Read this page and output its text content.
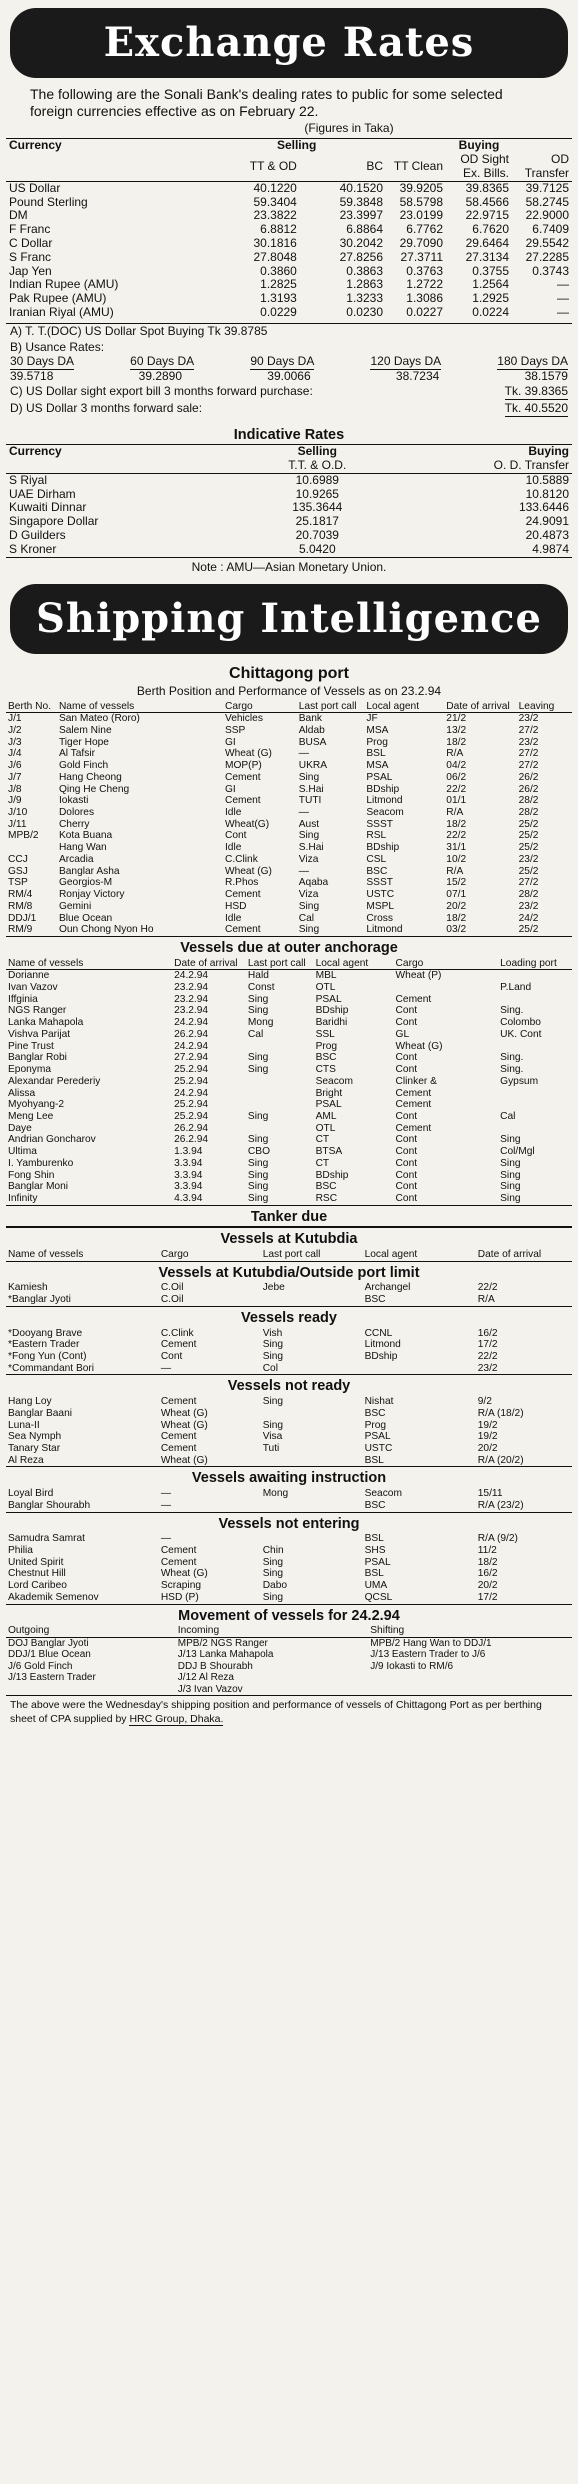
Exchange Rates

The following are the Sonali Bank's dealing rates to public for some selected foreign currencies effective as on February 22.

(Figures in Taka)
Currency	Selling		Buying		
	TT & OD	BC	TT Clean	OD Sight Ex. Bills.	OD Transfer
US Dollar	40.1220	40.1520	39.9205	39.8365	39.7125
Pound Sterling	59.3404	59.3848	58.5798	58.4566	58.2745
DM	23.3822	23.3997	23.0199	22.9715	22.9000
F Franc	6.8812	6.8864	6.7762	6.7620	6.7409
C Dollar	30.1816	30.2042	29.7090	29.6464	29.5542
S Franc	27.8048	27.8256	27.3711	27.3134	27.2285
Jap Yen	0.3860	0.3863	0.3763	0.3755	0.3743
Indian Rupee (AMU)	1.2825	1.2863	1.2722	1.2564	—
Pak Rupee (AMU)	1.3193	1.3233	1.3086	1.2925	—
Iranian Riyal (AMU)	0.0229	0.0230	0.0227	0.0224	—
A) T. T.(DOC) US Dollar Spot Buying Tk 39.8785
B) Usance Rates:
30 Days DA	60 Days DA	90 Days DA	120 Days DA	180 Days DA
39.5718	39.2890	39.0066	38.7234	38.1579
C) US Dollar sight export bill 3 months forward purchase:	Tk. 39.8365
D) US Dollar 3 months forward sale:	Tk. 40.5520
Indicative Rates
Currency	Selling	Buying
	T.T. & O.D.	O. D. Transfer
S Riyal	10.6989	10.5889
UAE Dirham	10.9265	10.8120
Kuwaiti Dinnar	135.3644	133.6446
Singapore Dollar	25.1817	24.9091
D Guilders	20.7039	20.4873
S Kroner	5.0420	4.9874
Note : AMU—Asian Monetary Union.
Shipping Intelligence
Chittagong port
Berth Position and Performance of Vessels as on 23.2.94
Berth No.	Name of vessels	Cargo	Last port call	Local agent	Date of arrival	Leaving
J/1	San Mateo (Roro)	Vehicles	Bank	JF	21/2	23/2
J/2	Salem Nine	SSP	Aldab	MSA	13/2	27/2
J/3	Tiger Hope	GI	BUSA	Prog	18/2	23/2
J/4	Al Tafsir	Wheat (G)	—	BSL	R/A	27/2
J/6	Gold Finch	MOP(P)	UKRA	MSA	04/2	27/2
J/7	Hang Cheong	Cement	Sing	PSAL	06/2	26/2
J/8	Qing He Cheng	GI	S.Hai	BDship	22/2	26/2
J/9	Iokasti	Cement	TUTI	Litmond	01/1	28/2
J/10	Dolores	Idle	—	Seacom	R/A	28/2
J/11	Cherry	Wheat(G)	Aust	SSST	18/2	25/2
MPB/2	Kota Buana	Cont	Sing	RSL	22/2	25/2
	Hang Wan	Idle	S.Hai	BDship	31/1	25/2
CCJ	Arcadia	C.Clink	Viza	CSL	10/2	23/2
GSJ	Banglar Asha	Wheat (G)	—	BSC	R/A	25/2
TSP	Georgios-M	R.Phos	Aqaba	SSST	15/2	27/2
RM/4	Ronjay Victory	Cement	Viza	USTC	07/1	28/2
RM/8	Gemini	HSD	Sing	MSPL	20/2	23/2
DDJ/1	Blue Ocean	Idle	Cal	Cross	18/2	24/2
RM/9	Oun Chong Nyon Ho	Cement	Sing	Litmond	03/2	25/2
Vessels due at outer anchorage
Name of vessels	Date of arrival	Last port call	Local agent	Cargo	Loading port
Dorianne	24.2.94	Hald	MBL	Wheat (P)	
Ivan Vazov	23.2.94	Const	OTL		P.Land
Iffginia	23.2.94	Sing	PSAL	Cement	
NGS Ranger	23.2.94	Sing	BDship	Cont	Sing.
Lanka Mahapola	24.2.94	Mong	Baridhi	Cont	Colombo
Vishva Parijat	26.2.94	Cal	SSL	GL	UK. Cont
Pine Trust	24.2.94		Prog	Wheat (G)	
Banglar Robi	27.2.94	Sing	BSC	Cont	Sing.
Eponyma	25.2.94	Sing	CTS	Cont	Sing.
Alexandar Perederiy	25.2.94		Seacom	Clinker &	Gypsum
Alissa	24.2.94		Bright	Cement	
Myohyang-2	25.2.94		PSAL	Cement	
Meng Lee	25.2.94	Sing	AML	Cont	Cal
Daye	26.2.94		OTL	Cement	
Andrian Goncharov	26.2.94	Sing	CT	Cont	Sing
Ultima	1.3.94	CBO	BTSA	Cont	Col/Mgl
I. Yamburenko	3.3.94	Sing	CT	Cont	Sing
Fong Shin	3.3.94	Sing	BDship	Cont	Sing
Banglar Moni	3.3.94	Sing	BSC	Cont	Sing
Infinity	4.3.94	Sing	RSC	Cont	Sing
Tanker due

Vessels at Kutubdia
Name of vessels	Cargo	Last port call	Local agent	Date of arrival
Vessels at Kutubdia/Outside port limit
Kamiesh	C.Oil	Jebe	Archangel	22/2
*Banglar Jyoti	C.Oil		BSC	R/A
Vessels ready
*Dooyang Brave	C.Clink	Vish	CCNL	16/2
*Eastern Trader	Cement	Sing	Litmond	17/2
*Fong Yun (Cont)	Cont	Sing	BDship	22/2
*Commandant Bori	—	Col		23/2
Vessels not ready
Hang Loy	Cement	Sing	Nishat	9/2
Banglar Baani	Wheat (G)		BSC	R/A (18/2)
Luna-II	Wheat (G)	Sing	Prog	19/2
Sea Nymph	Cement	Visa	PSAL	19/2
Tanary Star	Cement	Tuti	USTC	20/2
Al Reza	Wheat (G)		BSL	R/A (20/2)
Vessels awaiting instruction
Loyal Bird	—	Mong	Seacom	15/11
Banglar Shourabh	—		BSC	R/A (23/2)
Vessels not entering
Samudra Samrat	—		BSL	R/A (9/2)
Philia	Cement	Chin	SHS	11/2
United Spirit	Cement	Sing	PSAL	18/2
Chestnut Hill	Wheat (G)	Sing	BSL	16/2
Lord Caribeo	Scraping	Dabo	UMA	20/2
Akademik Semenov	HSD (P)	Sing	QCSL	17/2
Movement of vessels for 24.2.94
Outgoing	Incoming	Shifting
DOJ Banglar Jyoti	MPB/2 NGS Ranger	MPB/2 Hang Wan to DDJ/1
DDJ/1 Blue Ocean	J/13 Lanka Mahapola	J/13 Eastern Trader to J/6
J/6 Gold Finch	DDJ B Shourabh	J/9 Iokasti to RM/6
J/13 Eastern Trader	J/12 Al Reza	
	J/3 Ivan Vazov	
The above were the Wednesday's shipping position and performance of vessels of Chittagong Port as per berthing sheet of CPA supplied by HRC Group, Dhaka.
